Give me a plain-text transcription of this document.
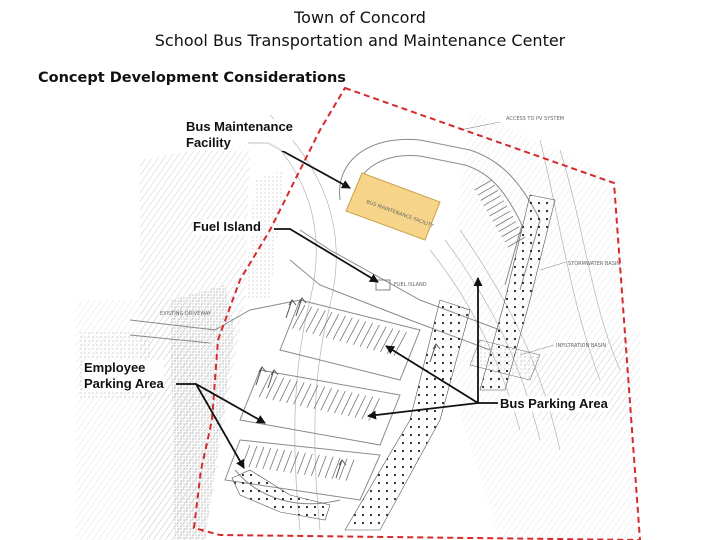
Town of Concord
School Bus Transportation and Maintenance Center
Concept Development Considerations
BUS MAINTENANCE FACILITY
FUEL ISLAND
ACCESS TO PV SYSTEM
STORMWATER BASIN
EXISTING DRIVEWAY
INFILTRATION BASIN
Bus Maintenance
Facility
Fuel Island
Employee
Parking Area
Bus Parking Area
